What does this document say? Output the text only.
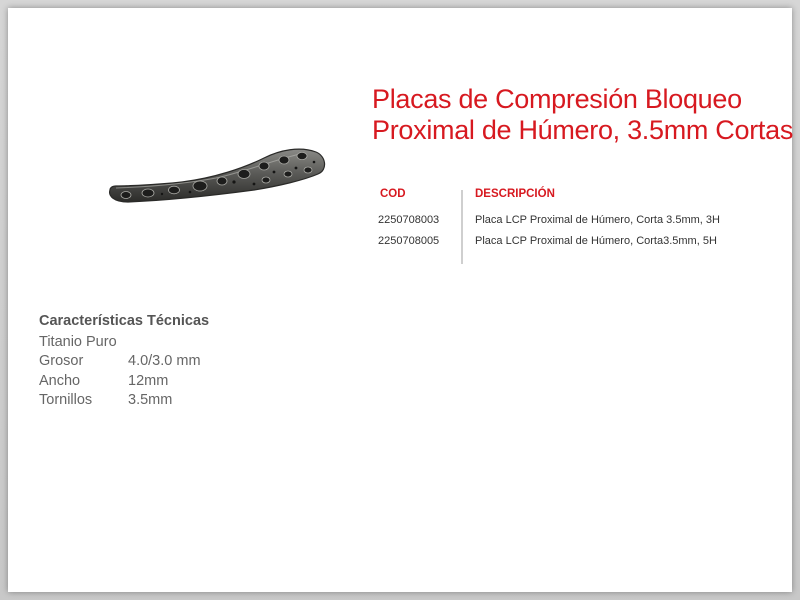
Placas de Compresión Bloqueo
Proximal de Húmero, 3.5mm Cortas
COD	DESCRIPCIÓN
2250708003	Placa LCP Proximal de Húmero, Corta 3.5mm, 3H
2250708005	Placa LCP Proximal de Húmero, Corta3.5mm, 5H
Características Técnicas
Titanio Puro
Grosor	4.0/3.0 mm
Ancho	12mm
Tornillos	3.5mm
